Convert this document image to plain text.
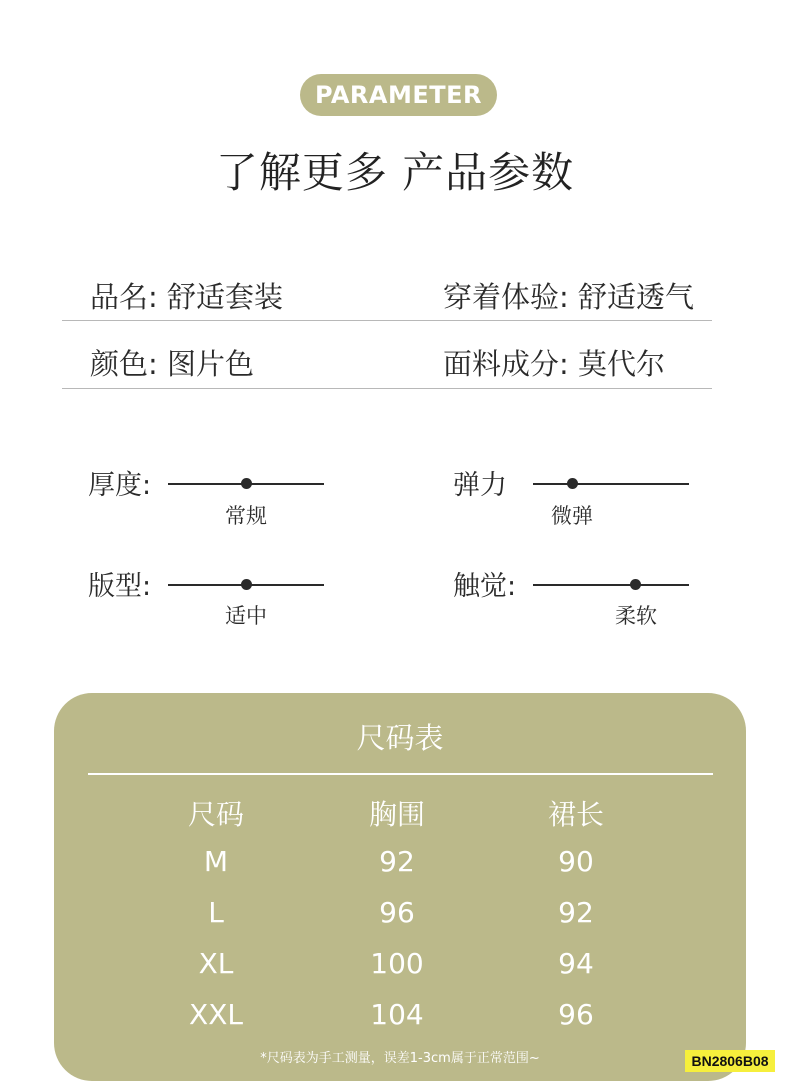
PARAMETER
了解更多 产品参数
品名: 舒适套装	穿着体验: 舒适透气
颜色: 图片色	面料成分: 莫代尔
厚度:
常规
弹力
微弹
版型:
适中
触觉:
柔软
尺码表
尺码	胸围	裙长
M	92	90
L	96	92
XL	100	94
XXL	104	96
*尺码表为手工测量，误差1-3cm属于正常范围~	BN2806B08
